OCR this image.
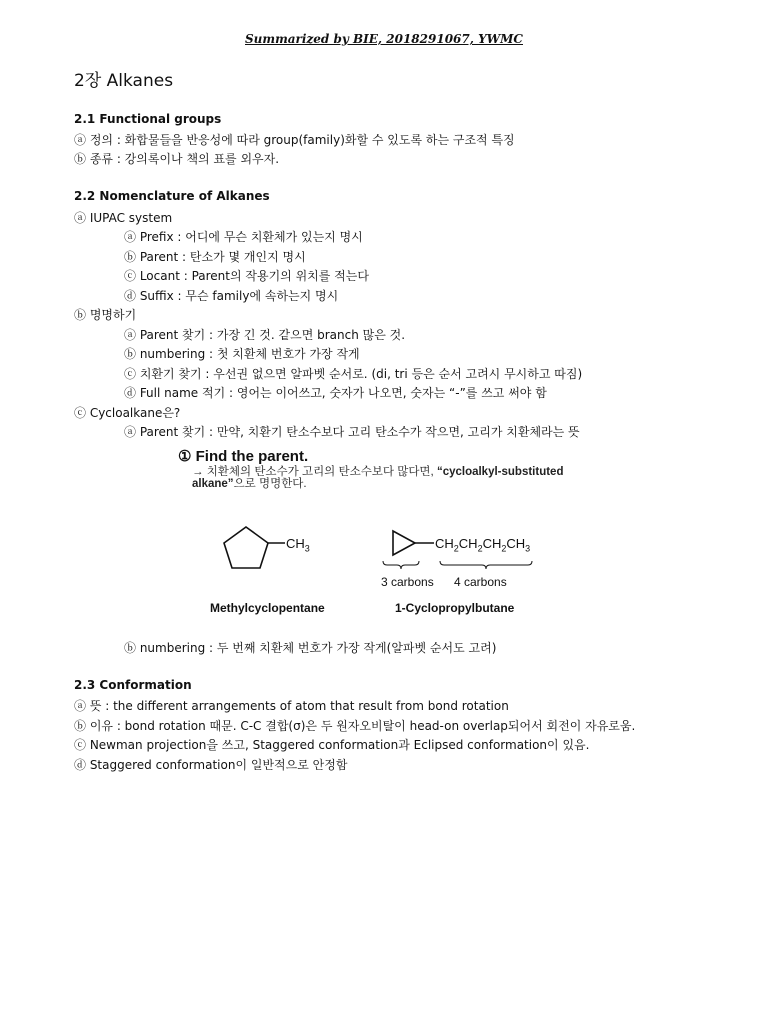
Summarized by BIE, 2018291067, YWMC
2장 Alkanes
2.1 Functional groups
ⓐ 정의 : 화합물들을 반응성에 따라 group(family)화할 수 있도록 하는 구조적 특징
ⓑ 종류 : 강의록이나 책의 표를 외우자.
2.2 Nomenclature of Alkanes
ⓐ IUPAC system
ⓐ Prefix : 어디에 무슨 치환체가 있는지 명시
ⓑ Parent : 탄소가 몇 개인지 명시
ⓒ Locant : Parent의 작용기의 위치를 적는다
ⓓ Suffix : 무슨 family에 속하는지 명시
ⓑ 명명하기
ⓐ Parent 찾기 : 가장 긴 것. 같으면 branch 많은 것.
ⓑ numbering : 첫 치환체 번호가 가장 작게
ⓒ 치환기 찾기 : 우선권 없으면 알파벳 순서로. (di, tri 등은 순서 고려시 무시하고 따짐)
ⓓ Full name 적기 : 영어는 이어쓰고, 숫자가 나오면, 숫자는 “-”를 쓰고 써야 함
ⓒ Cycloalkane은?
ⓐ Parent 찾기 : 만약, 치환기 탄소수보다 고리 탄소수가 작으면, 고리가 치환체라는 뜻
① Find the parent.
→ 치환체의 탄소수가 고리의 탄소수보다 많다면, “cycloalkyl-substituted
alkane”으로 명명한다.
$CH_3$	$CH_2CH_2CH_2CH_3$
3 carbons 4 carbons
Methylcyclopentane	1-Cyclopropylbutane
ⓑ numbering : 두 번째 치환체 번호가 가장 작게(알파벳 순서도 고려)
2.3 Conformation
ⓐ 뜻 : the different arrangements of atom that result from bond rotation
ⓑ 이유 : bond rotation 때문. C-C 결합(σ)은 두 원자오비탈이 head-on overlap되어서 회전이 자유로움.
ⓒ Newman projection을 쓰고, Staggered conformation과 Eclipsed conformation이 있음.
ⓓ Staggered conformation이 일반적으로 안정함
